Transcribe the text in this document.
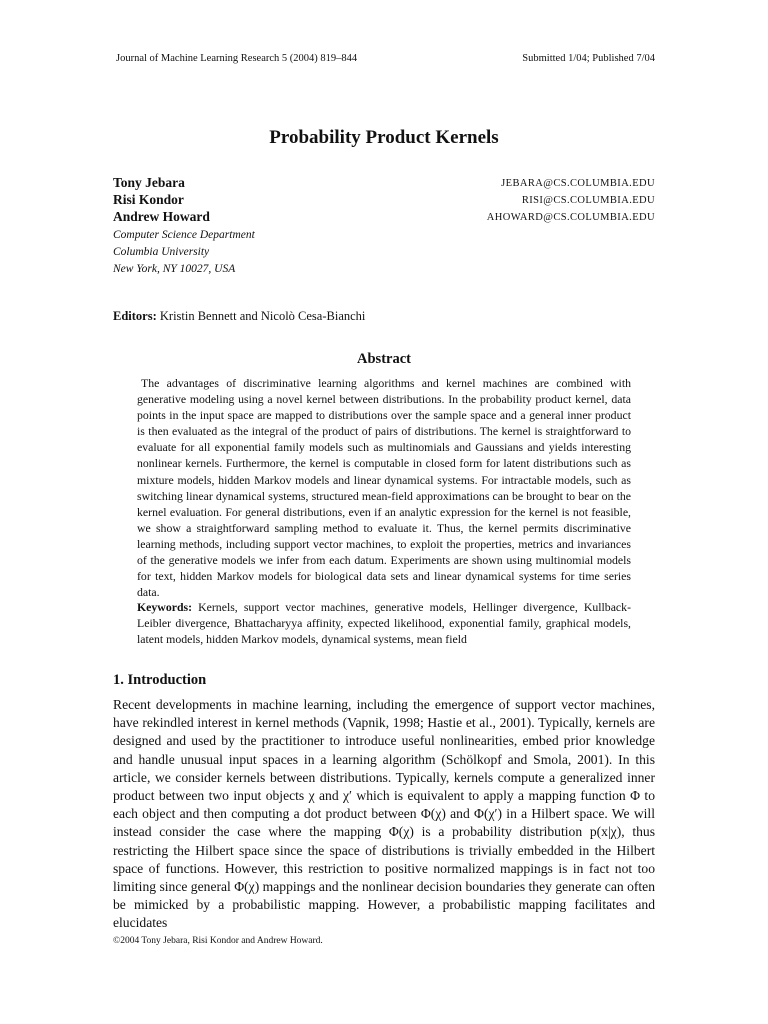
Journal of Machine Learning Research 5 (2004) 819–844	Submitted 1/04; Published 7/04
Probability Product Kernels
Tony Jebara	JEBARA@CS.COLUMBIA.EDU
Risi Kondor	RISI@CS.COLUMBIA.EDU
Andrew Howard	AHOWARD@CS.COLUMBIA.EDU
Computer Science Department
Columbia University
New York, NY 10027, USA
Editors: Kristin Bennett and Nicolò Cesa-Bianchi
Abstract
The advantages of discriminative learning algorithms and kernel machines are combined with generative modeling using a novel kernel between distributions. In the probability product kernel, data points in the input space are mapped to distributions over the sample space and a general inner product is then evaluated as the integral of the product of pairs of distributions. The kernel is straightforward to evaluate for all exponential family models such as multinomials and Gaussians and yields interesting nonlinear kernels. Furthermore, the kernel is computable in closed form for latent distributions such as mixture models, hidden Markov models and linear dynamical systems. For intractable models, such as switching linear dynamical systems, structured mean-field approximations can be brought to bear on the kernel evaluation. For general distributions, even if an analytic expression for the kernel is not feasible, we show a straightforward sampling method to evaluate it. Thus, the kernel permits discriminative learning methods, including support vector machines, to exploit the properties, metrics and invariances of the generative models we infer from each datum. Experiments are shown using multinomial models for text, hidden Markov models for biological data sets and linear dynamical systems for time series data.
Keywords: Kernels, support vector machines, generative models, Hellinger divergence, Kullback-Leibler divergence, Bhattacharyya affinity, expected likelihood, exponential family, graphical models, latent models, hidden Markov models, dynamical systems, mean field
1. Introduction
Recent developments in machine learning, including the emergence of support vector machines, have rekindled interest in kernel methods (Vapnik, 1998; Hastie et al., 2001). Typically, kernels are designed and used by the practitioner to introduce useful nonlinearities, embed prior knowledge and handle unusual input spaces in a learning algorithm (Schölkopf and Smola, 2001). In this article, we consider kernels between distributions. Typically, kernels compute a generalized inner product between two input objects χ and χ′ which is equivalent to apply a mapping function Φ to each object and then computing a dot product between Φ(χ) and Φ(χ′) in a Hilbert space. We will instead consider the case where the mapping Φ(χ) is a probability distribution p(x|χ), thus restricting the Hilbert space since the space of distributions is trivially embedded in the Hilbert space of functions. However, this restriction to positive normalized mappings is in fact not too limiting since general Φ(χ) mappings and the nonlinear decision boundaries they generate can often be mimicked by a probabilistic mapping. However, a probabilistic mapping facilitates and elucidates
©2004 Tony Jebara, Risi Kondor and Andrew Howard.
